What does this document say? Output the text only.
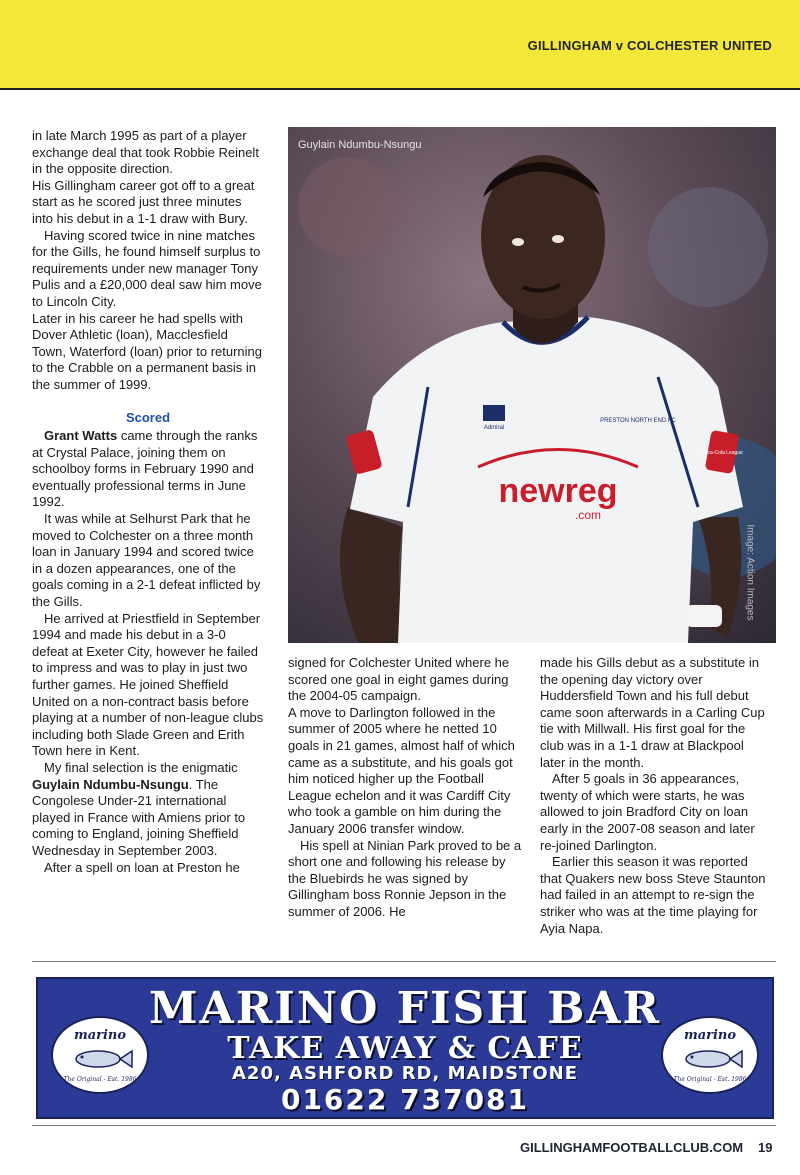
GILLINGHAM v COLCHESTER UNITED

in late March 1995 as part of a player exchange deal that took Robbie Reinelt in the opposite direction.

His Gillingham career got off to a great start as he scored just three minutes into his debut in a 1-1 draw with Bury.

Having scored twice in nine matches for the Gills, he found himself surplus to requirements under new manager Tony Pulis and a £20,000 deal saw him move to Lincoln City.

Later in his career he had spells with Dover Athletic (loan), Macclesfield Town, Waterford (loan) prior to returning to the Crabble on a permanent basis in the summer of 1999.

Scored

Grant Watts came through the ranks at Crystal Palace, joining them on schoolboy forms in February 1990 and eventually professional terms in June 1992.

It was while at Selhurst Park that he moved to Colchester on a three month loan in January 1994 and scored twice in a dozen appearances, one of the goals coming in a 2-1 defeat inflicted by the Gills.

He arrived at Priestfield in September 1994 and made his debut in a 3-0 defeat at Exeter City, however he failed to impress and was to play in just two further games. He joined Sheffield United on a non-contract basis before playing at a number of non-league clubs including both Slade Green and Erith Town here in Kent.

My final selection is the enigmatic Guylain Ndumbu-Nsungu. The Congolese Under-21 international played in France with Amiens prior to coming to England, joining Sheffield Wednesday in September 2003.

After a spell on loan at Preston he

newreg
.com
PRESTON NORTH END FC
Admiral
Coca-Cola League
Guylain Ndumbu-Nsungu
Image: Action Images

signed for Colchester United where he scored one goal in eight games during the 2004-05 campaign.

A move to Darlington followed in the summer of 2005 where he netted 10 goals in 21 games, almost half of which came as a substitute, and his goals got him noticed higher up the Football League echelon and it was Cardiff City who took a gamble on him during the January 2006 transfer window.

His spell at Ninian Park proved to be a short one and following his release by the Bluebirds he was signed by Gillingham boss Ronnie Jepson in the summer of 2006. He

made his Gills debut as a substitute in the opening day victory over Huddersfield Town and his full debut came soon afterwards in a Carling Cup tie with Millwall. His first goal for the club was in a 1-1 draw at Blackpool later in the month.

After 5 goals in 36 appearances, twenty of which were starts, he was allowed to join Bradford City on loan early in the 2007-08 season and later re-joined Darlington.

Earlier this season it was reported that Quakers new boss Steve Staunton had failed in an attempt to re-sign the striker who was at the time playing for Ayia Napa.

MARINO FISH BAR
TAKE AWAY & CAFE
A20, ASHFORD RD, MAIDSTONE
01622 737081
marino
The Original - Est. 1986
marino
The Original - Est. 1986
GILLINGHAMFOOTBALLCLUB.COM 19
